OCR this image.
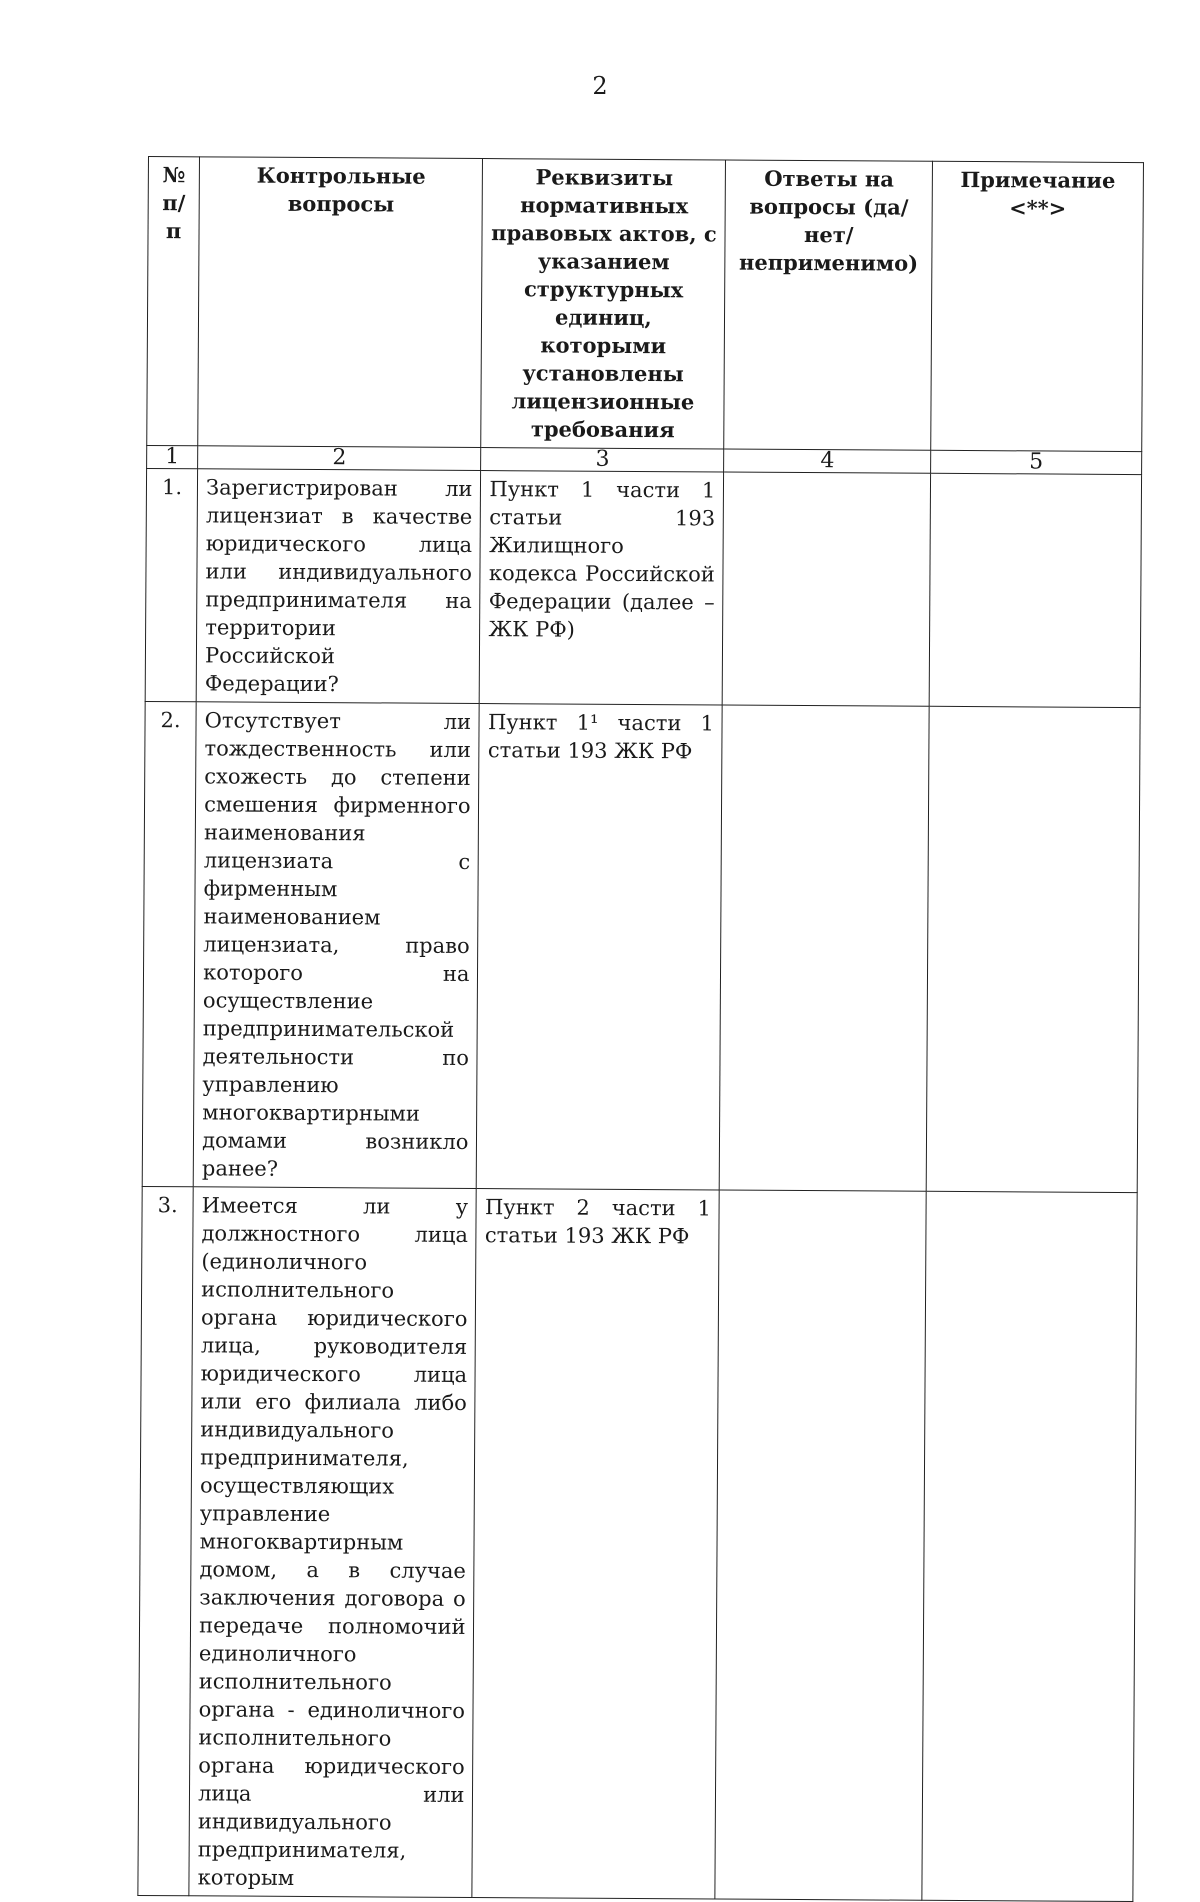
2
№ п/п	Контрольные вопросы	Реквизиты нормативных правовых актов, с указанием структурных единиц, которыми установлены лицензионные требования	Ответы на вопросы (да/нет/ неприменимо)	Примечание <**>
1	2	3	4	5
1.	Зарегистрирован ли лицензиат в качестве юридического лица или индивидуального предпринимателя на территории Российской Федерации?	Пункт 1 части 1 статьи 193 Жилищного кодекса Российской Федерации (далее – ЖК РФ)		
2.	Отсутствует ли тождественность или схожесть до степени смешения фирменного наименования лицензиата с фирменным наименованием лицензиата, право которого на осуществление предпринимательской деятельности по управлению многоквартирными домами возникло ранее?	Пункт 1¹ части 1 статьи 193 ЖК РФ		
3.	Имеется ли у должностного лица (единоличного исполнительного органа юридического лица, руководителя юридического лица или его филиала либо индивидуального предпринимателя, осуществляющих управление многоквартирным домом, а в случае заключения договора о передаче полномочий единоличного исполнительного органа - единоличного исполнительного органа юридического лица или индивидуального предпринимателя, которым	Пункт 2 части 1 статьи 193 ЖК РФ		
